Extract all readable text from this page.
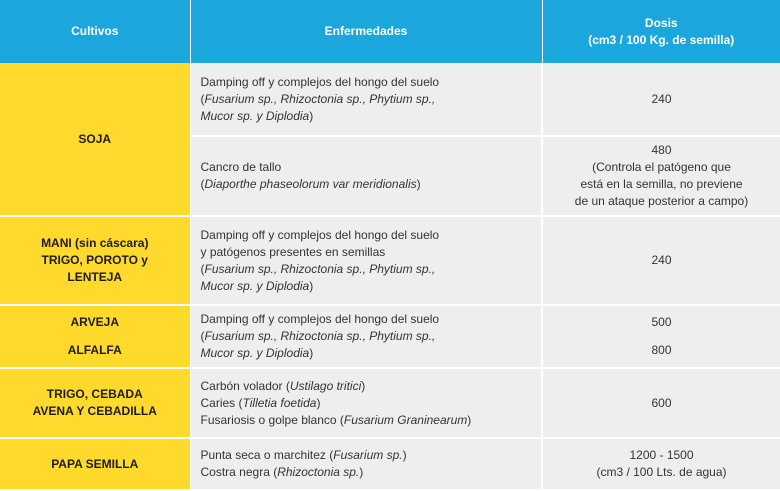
Cultivos	Enfermedades	Dosis
(cm3 / 100 Kg. de semilla)

SOJA	Damping off y complejos del hongo del suelo
(Fusarium sp., Rhizoctonia sp., Phytium sp.,
Mucor sp. y Diplodia)	240

	Cancro de tallo
(Diaporthe phaseolorum var meridionalis)	480
(Controla el patógeno que
está en la semilla, no previene
de un ataque posterior a campo)

MANI (sin cáscara)
TRIGO, POROTO y
LENTEJA	Damping off y complejos del hongo del suelo
y patógenos presentes en semillas
(Fusarium sp., Rhizoctonia sp., Phytium sp.,
Mucor sp. y Diplodia)	240

ARVEJA
ALFALFA	Damping off y complejos del hongo del suelo
(Fusarium sp., Rhizoctonia sp., Phytium sp.,
Mucor sp. y Diplodia)	500
800

TRIGO, CEBADA
AVENA Y CEBADILLA	Carbón volador (Ustilago tritici)
Caries (Tilletia foetida)
Fusariosis o golpe blanco (Fusarium Graninearum)	600
PAPA SEMILLA	Punta seca o marchitez (Fusarium sp.)
Costra negra (Rhizoctonia sp.)	1200 - 1500
(cm3 / 100 Lts. de agua)
